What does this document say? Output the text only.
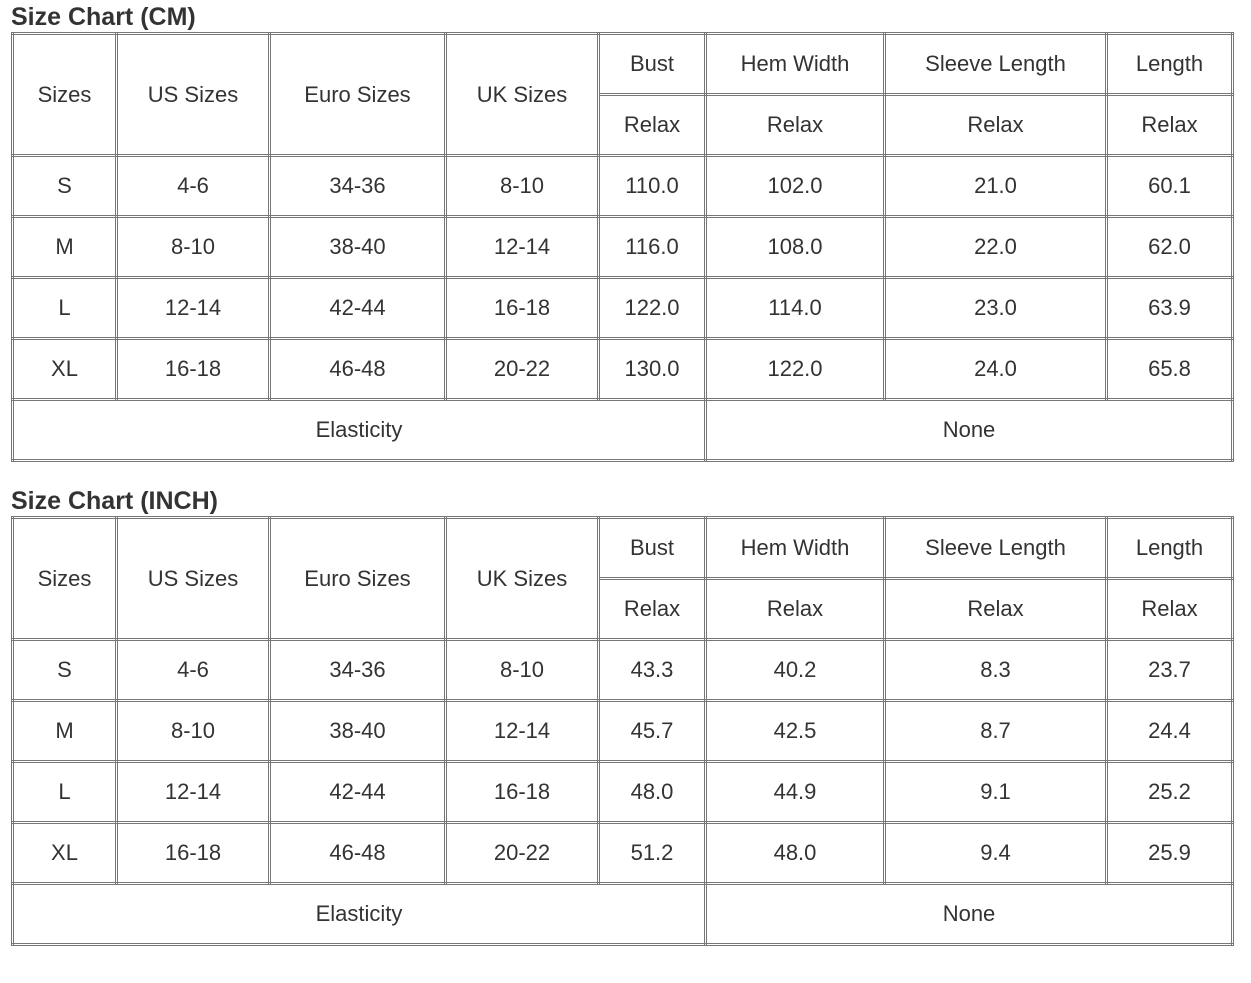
Size Chart (CM)
Sizes	US Sizes	Euro Sizes	UK Sizes	Bust	Hem Width	Sleeve Length	Length
				Relax	Relax	Relax	Relax
S	4-6	34-36	8-10	110.0	102.0	21.0	60.1
M	8-10	38-40	12-14	116.0	108.0	22.0	62.0
L	12-14	42-44	16-18	122.0	114.0	23.0	63.9
XL	16-18	46-48	20-22	130.0	122.0	24.0	65.8
Elasticity					None		
Size Chart (INCH)
Sizes	US Sizes	Euro Sizes	UK Sizes	Bust	Hem Width	Sleeve Length	Length
				Relax	Relax	Relax	Relax
S	4-6	34-36	8-10	43.3	40.2	8.3	23.7
M	8-10	38-40	12-14	45.7	42.5	8.7	24.4
L	12-14	42-44	16-18	48.0	44.9	9.1	25.2
XL	16-18	46-48	20-22	51.2	48.0	9.4	25.9
Elasticity					None		
